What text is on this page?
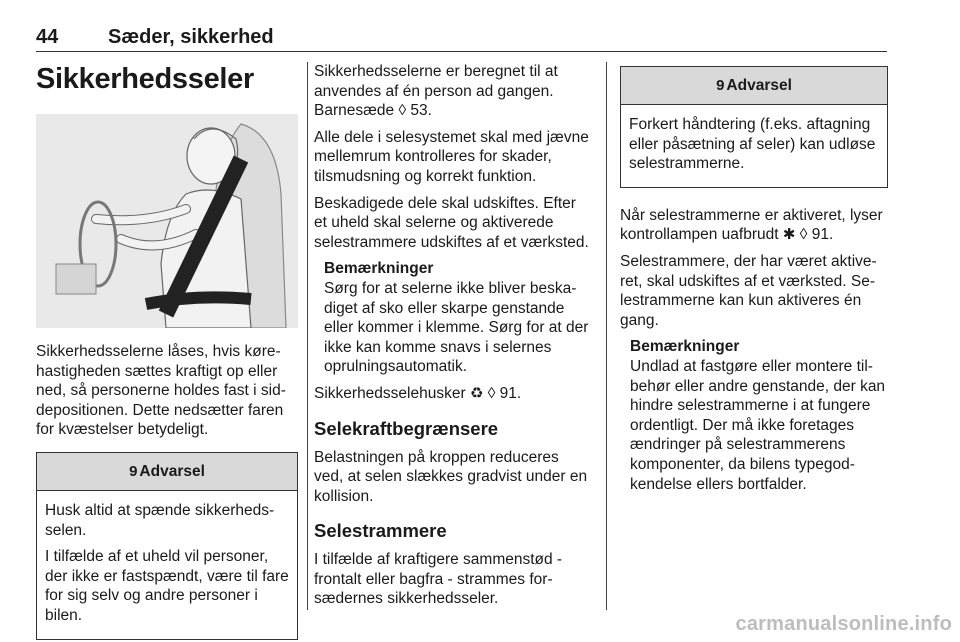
44 Sæder, sikkerhed
Sikkerhedsseler

Sikkerhedsselerne låses, hvis kørehastigheden sættes kraftigt op eller ned, så personerne holdes fast i siddepositionen. Dette nedsætter faren for kvæstelser betydeligt.

9 Advarsel

Husk altid at spænde sikkerhedsselen.

I tilfælde af et uheld vil personer, der ikke er fastspændt, være til fare for sig selv og andre personer i bilen.

Sikkerhedsselerne er beregnet til at anvendes af én person ad gangen. Barnesæde ◊ 53.

Alle dele i selesystemet skal med jævne mellemrum kontrolleres for skader, tilsmudsning og korrekt funktion.

Beskadigede dele skal udskiftes. Efter et uheld skal selerne og aktiverede selestrammere udskiftes af et værksted.

Bemærkninger
Sørg for at selerne ikke bliver beskadiget af sko eller skarpe genstande eller kommer i klemme. Sørg for at der ikke kan komme snavs i selernes oprulningsautomatik.

Sikkerhedsselehusker ♻ ◊ 91.

Selekraftbegrænsere

Belastningen på kroppen reduceres ved, at selen slækkes gradvist under en kollision.

Selestrammere

I tilfælde af kraftigere sammenstød - frontalt eller bagfra - strammes forsædernes sikkerhedsseler.

9 Advarsel

Forkert håndtering (f.eks. aftagning eller påsætning af seler) kan udløse selestrammerne.

Når selestrammerne er aktiveret, lyser kontrollampen uafbrudt ✱ ◊ 91.

Selestrammere, der har været aktiveret, skal udskiftes af et værksted. Selestrammerne kan kun aktiveres én gang.

Bemærkninger
Undlad at fastgøre eller montere tilbehør eller andre genstande, der kan hindre selestrammerne i at fungere ordentligt. Der må ikke foretages ændringer på selestrammerens komponenter, da bilens typegodkendelse ellers bortfalder.
carmanualsonline.info
